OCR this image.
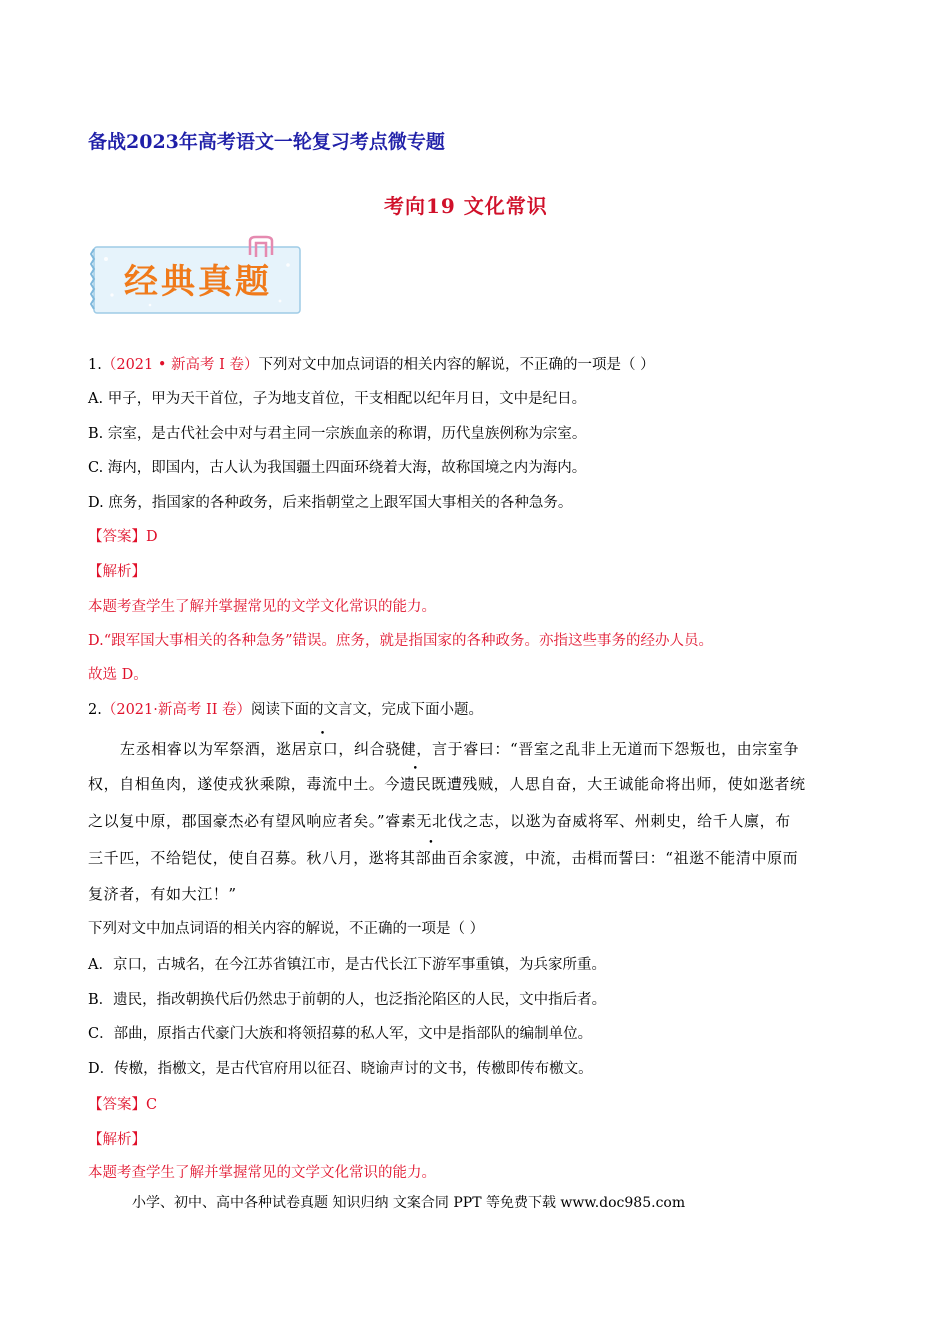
备战2023年高考语文一轮复习考点微专题
考向19 文化常识
经典真题
1.（2021 • 新高考 I 卷）下列对文中加点词语的相关内容的解说，不正确的一项是（ ）
A. 甲子，甲为天干首位，子为地支首位，干支相配以纪年月日，文中是纪日。
B. 宗室，是古代社会中对与君主同一宗族血亲的称谓，历代皇族例称为宗室。
C. 海内，即国内，古人认为我国疆土四面环绕着大海，故称国境之内为海内。
D. 庶务，指国家的各种政务，后来指朝堂之上跟军国大事相关的各种急务。
【答案】D
【解析】
本题考查学生了解并掌握常见的文学文化常识的能力。
D.“跟军国大事相关的各种急务”错误。庶务，就是指国家的各种政务。亦指这些事务的经办人员。
故选 D。
2.（2021·新高考 II 卷）阅读下面的文言文，完成下面小题。
左丞相睿以为军祭酒，逖居京口，纠合骁健，言于睿曰：“晋室之乱非上无道而下怨叛也，由宗室争
权，自相鱼肉，遂使戎狄乘隙，毒流中土。今遗民既遭残贼，人思自奋，大王诚能命将出师，使如逖者统
之以复中原，郡国豪杰必有望风响应者矣。”睿素无北伐之志，以逖为奋威将军、州刺史，给千人廪，布
三千匹，不给铠仗，使自召募。秋八月，逖将其部曲百余家渡，中流，击楫而誓曰：“祖逖不能清中原而
复济者，有如大江！”
下列对文中加点词语的相关内容的解说，不正确的一项是（ ）
A．京口，古城名，在今江苏省镇江市，是古代长江下游军事重镇，为兵家所重。
B．遗民，指改朝换代后仍然忠于前朝的人，也泛指沦陷区的人民，文中指后者。
C．部曲，原指古代豪门大族和将领招募的私人军，文中是指部队的编制单位。
D．传檄，指檄文，是古代官府用以征召、晓谕声讨的文书，传檄即传布檄文。
【答案】C
【解析】
本题考查学生了解并掌握常见的文学文化常识的能力。
小学、初中、高中各种试卷真题 知识归纳 文案合同 PPT 等免费下载 www.doc985.com
